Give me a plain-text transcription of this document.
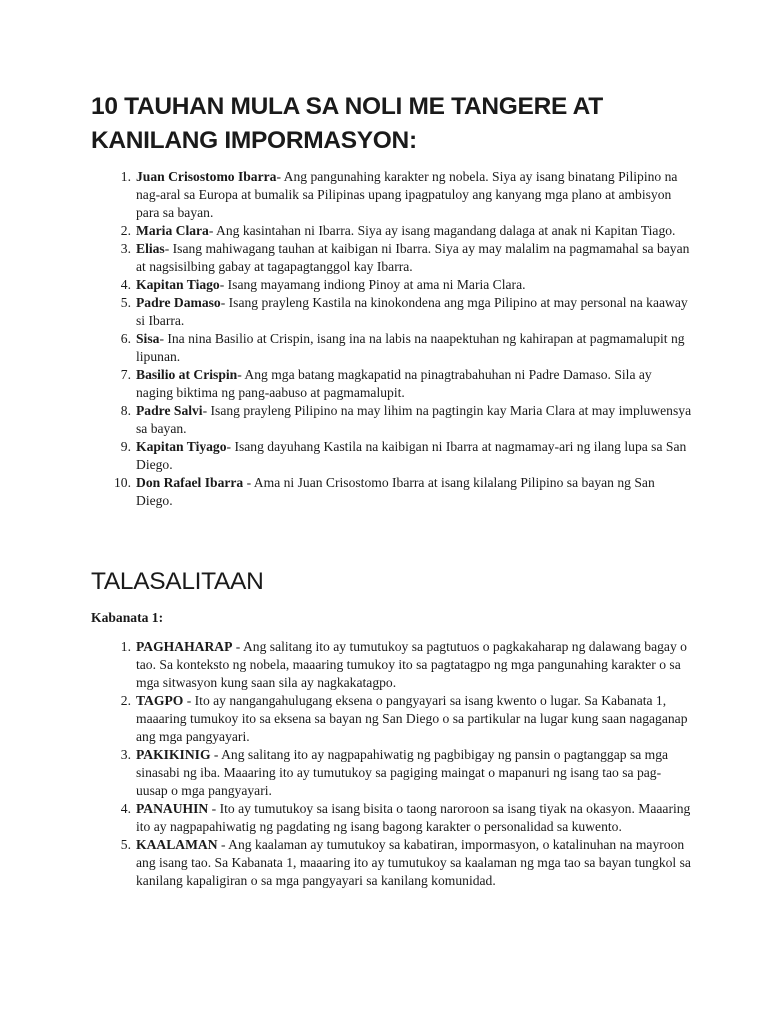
10 TAUHAN MULA SA NOLI ME TANGERE AT KANILANG IMPORMASYON:
1. Juan Crisostomo Ibarra- Ang pangunahing karakter ng nobela. Siya ay isang binatang Pilipino na nag-aral sa Europa at bumalik sa Pilipinas upang ipagpatuloy ang kanyang mga plano at ambisyon para sa bayan.
2. Maria Clara- Ang kasintahan ni Ibarra. Siya ay isang magandang dalaga at anak ni Kapitan Tiago.
3. Elias- Isang mahiwagang tauhan at kaibigan ni Ibarra. Siya ay may malalim na pagmamahal sa bayan at nagsisilbing gabay at tagapagtanggol kay Ibarra.
4. Kapitan Tiago- Isang mayamang indiong Pinoy at ama ni Maria Clara.
5. Padre Damaso- Isang prayleng Kastila na kinokondena ang mga Pilipino at may personal na kaaway si Ibarra.
6. Sisa- Ina nina Basilio at Crispin, isang ina na labis na naapektuhan ng kahirapan at pagmamalupit ng lipunan.
7. Basilio at Crispin- Ang mga batang magkapatid na pinagtrabahuhan ni Padre Damaso. Sila ay naging biktima ng pang-aabuso at pagmamalupit.
8. Padre Salvi- Isang prayleng Pilipino na may lihim na pagtingin kay Maria Clara at may impluwensya sa bayan.
9. Kapitan Tiyago- Isang dayuhang Kastila na kaibigan ni Ibarra at nagmamay-ari ng ilang lupa sa San Diego.
10. Don Rafael Ibarra - Ama ni Juan Crisostomo Ibarra at isang kilalang Pilipino sa bayan ng San Diego.
TALASALITAAN
Kabanata 1:
1. PAGHAHARAP - Ang salitang ito ay tumutukoy sa pagtutuos o pagkakaharap ng dalawang bagay o tao. Sa konteksto ng nobela, maaaring tumukoy ito sa pagtatagpo ng mga pangunahing karakter o sa mga sitwasyon kung saan sila ay nagkakatagpo.
2. TAGPO - Ito ay nangangahulugang eksena o pangyayari sa isang kwento o lugar. Sa Kabanata 1, maaaring tumukoy ito sa eksena sa bayan ng San Diego o sa partikular na lugar kung saan nagaganap ang mga pangyayari.
3. PAKIKINIG - Ang salitang ito ay nagpapahiwatig ng pagbibigay ng pansin o pagtanggap sa mga sinasabi ng iba. Maaaring ito ay tumutukoy sa pagiging maingat o mapanuri ng isang tao sa pag-uusap o mga pangyayari.
4. PANAUHIN - Ito ay tumutukoy sa isang bisita o taong naroroon sa isang tiyak na okasyon. Maaaring ito ay nagpapahiwatig ng pagdating ng isang bagong karakter o personalidad sa kuwento.
5. KAALAMAN - Ang kaalaman ay tumutukoy sa kabatiran, impormasyon, o katalinuhan na mayroon ang isang tao. Sa Kabanata 1, maaaring ito ay tumutukoy sa kaalaman ng mga tao sa bayan tungkol sa kanilang kapaligiran o sa mga pangyayari sa kanilang komunidad.
